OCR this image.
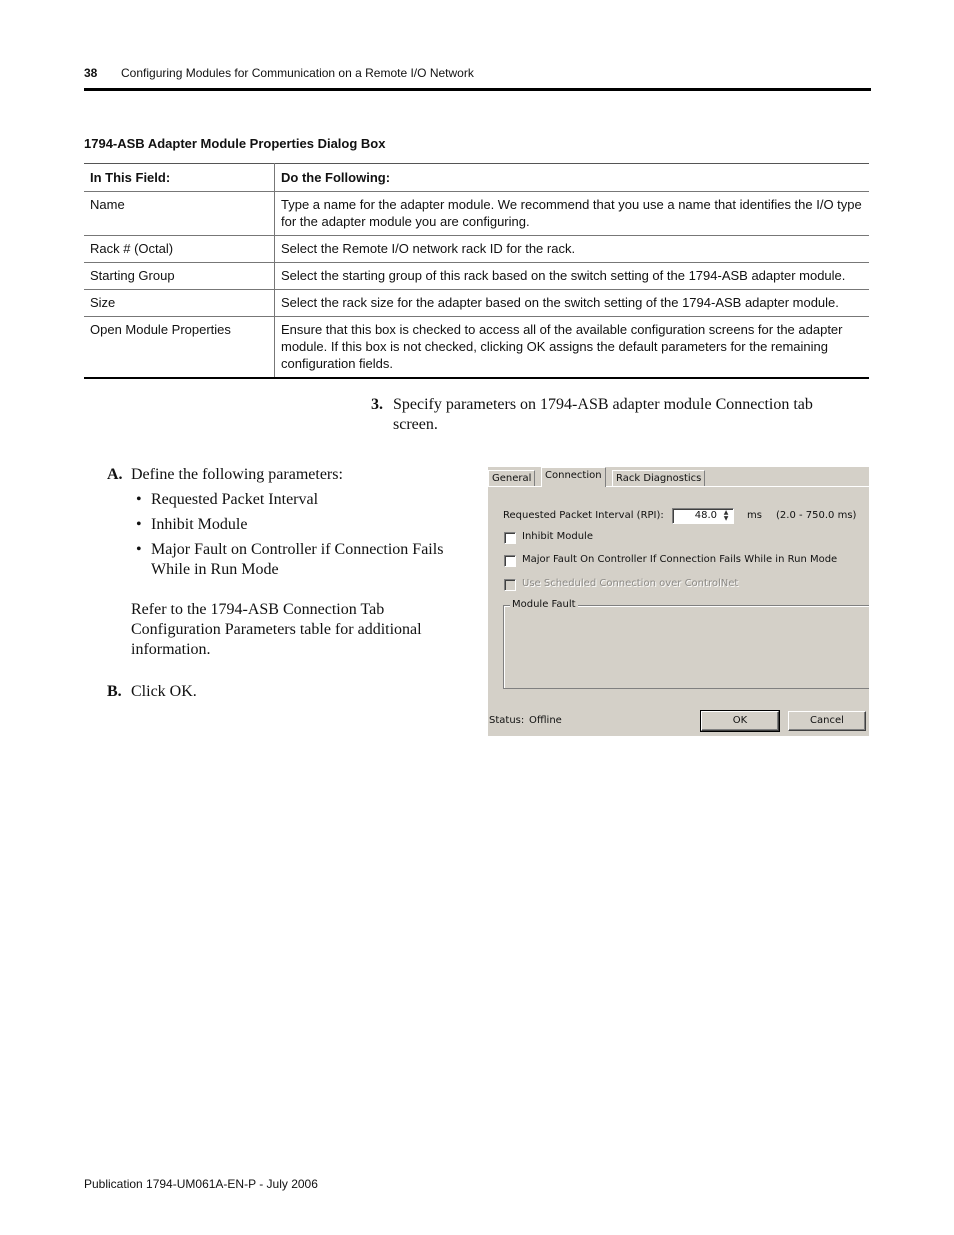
38 Configuring Modules for Communication on a Remote I/O Network
1794-ASB Adapter Module Properties Dialog Box
In This Field:	Do the Following:
Name	Type a name for the adapter module. We recommend that you use a name that identifies the I/O type for the adapter module you are configuring.
Rack # (Octal)	Select the Remote I/O network rack ID for the rack.
Starting Group	Select the starting group of this rack based on the switch setting of the 1794-ASB adapter module.
Size	Select the rack size for the adapter based on the switch setting of the 1794-ASB adapter module.
Open Module Properties	Ensure that this box is checked to access all of the available configuration screens for the adapter module. If this box is not checked, clicking OK assigns the default parameters for the remaining configuration fields.
3. Specify parameters on 1794-ASB adapter module Connection tab screen.
A. Define the following parameters:
• Requested Packet Interval
• Inhibit Module
• Major Fault on Controller if Connection Fails While in Run Mode
Refer to the 1794-ASB Connection Tab Configuration Parameters table for additional information.
B. Click OK.
General	Connection	Rack Diagnostics
Requested Packet Interval (RPI):	48.0	▲
▼	ms (2.0 - 750.0 ms)
Inhibit Module
Major Fault On Controller If Connection Fails While in Run Mode
Use Scheduled Connection over ControlNet
Module Fault
Status: Offline	OK	Cancel
Publication 1794-UM061A-EN-P - July 2006
